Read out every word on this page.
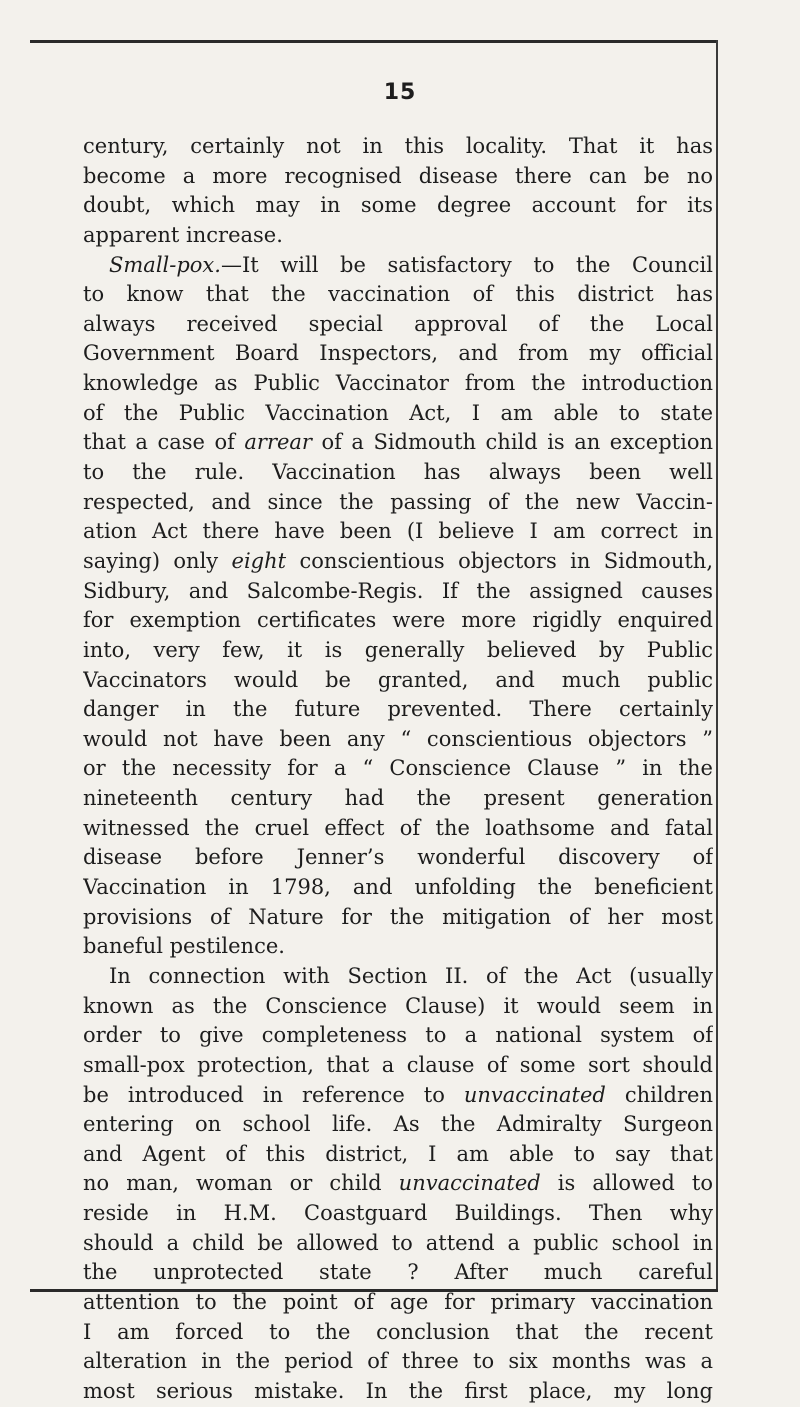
15
century, certainly not in this locality. That it has
become a more recognised disease there can be no
doubt, which may in some degree account for its
apparent increase.
Small-pox.—It will be satisfactory to the Council
to know that the vaccination of this district has
always received special approval of the Local
Government Board Inspectors, and from my official
knowledge as Public Vaccinator from the introduction
of the Public Vaccination Act, I am able to state
that a case of arrear of a Sidmouth child is an exception
to the rule. Vaccination has always been well
respected, and since the passing of the new Vaccin-
ation Act there have been (I believe I am correct in
saying) only eight conscientious objectors in Sidmouth,
Sidbury, and Salcombe-Regis. If the assigned causes
for exemption certificates were more rigidly enquired
into, very few, it is generally believed by Public
Vaccinators would be granted, and much public
danger in the future prevented. There certainly
would not have been any “ conscientious objectors ”
or the necessity for a “ Conscience Clause ” in the
nineteenth century had the present generation
witnessed the cruel effect of the loathsome and fatal
disease before Jenner’s wonderful discovery of
Vaccination in 1798, and unfolding the beneficient
provisions of Nature for the mitigation of her most
baneful pestilence.
In connection with Section II. of the Act (usually
known as the Conscience Clause) it would seem in
order to give completeness to a national system of
small-pox protection, that a clause of some sort should
be introduced in reference to unvaccinated children
entering on school life. As the Admiralty Surgeon
and Agent of this district, I am able to say that
no man, woman or child unvaccinated is allowed to
reside in H.M. Coastguard Buildings. Then why
should a child be allowed to attend a public school in
the unprotected state ? After much careful
attention to the point of age for primary vaccination
I am forced to the conclusion that the recent
alteration in the period of three to six months was a
most serious mistake. In the first place, my long
